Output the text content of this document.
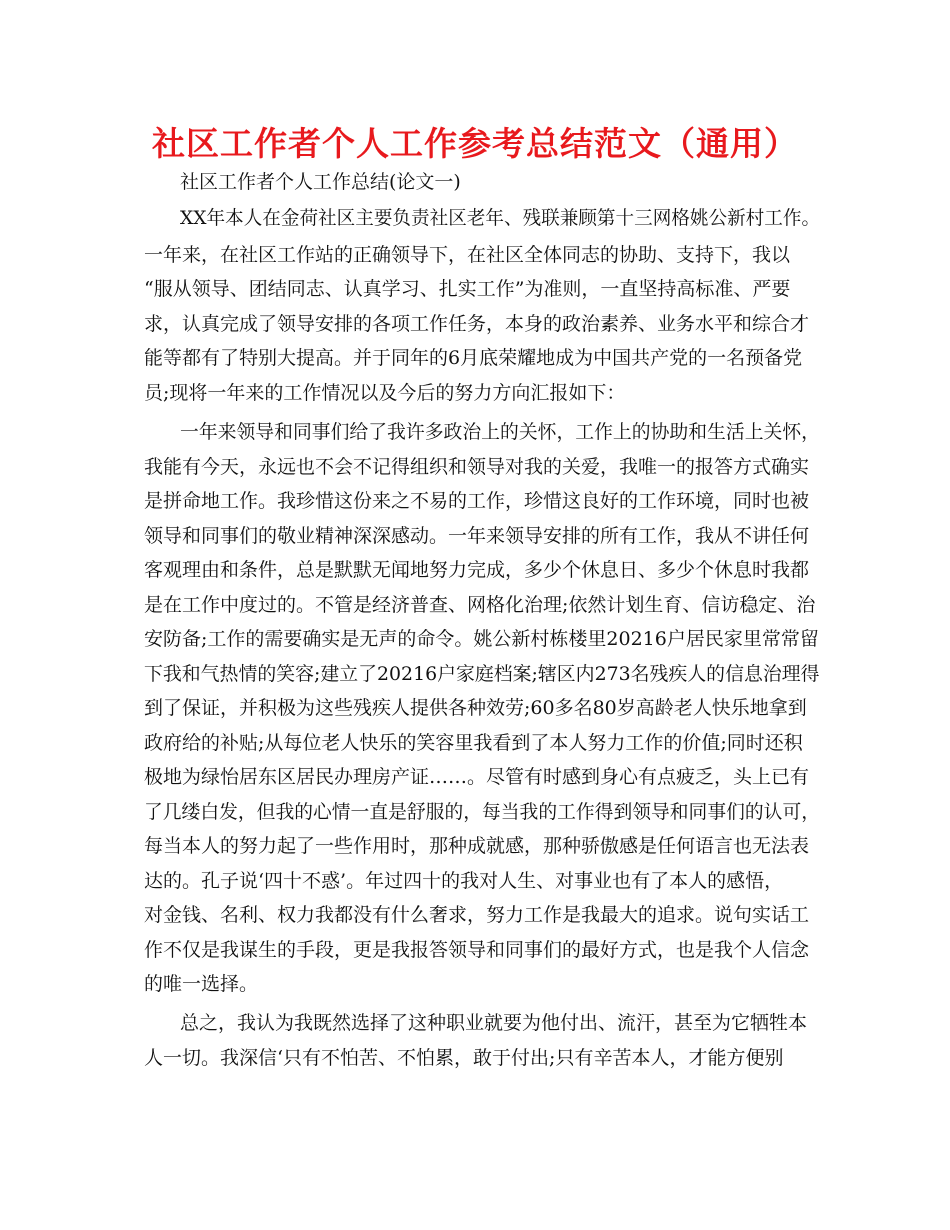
社区工作者个人工作参考总结范文（通用）
社区工作者个人工作总结(论文一)
XX年本人在金荷社区主要负责社区老年、残联兼顾第十三网格姚公新村工作。
一年来，在社区工作站的正确领导下，在社区全体同志的协助、支持下，我以
“服从领导、团结同志、认真学习、扎实工作”为准则，一直坚持高标准、严要
求，认真完成了领导安排的各项工作任务，本身的政治素养、业务水平和综合才
能等都有了特别大提高。并于同年的6月底荣耀地成为中国共产党的一名预备党
员;现将一年来的工作情况以及今后的努力方向汇报如下：
一年来领导和同事们给了我许多政治上的关怀，工作上的协助和生活上关怀，
我能有今天，永远也不会不记得组织和领导对我的关爱，我唯一的报答方式确实
是拼命地工作。我珍惜这份来之不易的工作，珍惜这良好的工作环境，同时也被
领导和同事们的敬业精神深深感动。一年来领导安排的所有工作，我从不讲任何
客观理由和条件，总是默默无闻地努力完成，多少个休息日、多少个休息时我都
是在工作中度过的。不管是经济普查、网格化治理;依然计划生育、信访稳定、治
安防备;工作的需要确实是无声的命令。姚公新村栋楼里20216户居民家里常常留
下我和气热情的笑容;建立了20216户家庭档案;辖区内273名残疾人的信息治理得
到了保证，并积极为这些残疾人提供各种效劳;60多名80岁高龄老人快乐地拿到
政府给的补贴;从每位老人快乐的笑容里我看到了本人努力工作的价值;同时还积
极地为绿怡居东区居民办理房产证……。尽管有时感到身心有点疲乏，头上已有
了几缕白发，但我的心情一直是舒服的，每当我的工作得到领导和同事们的认可，
每当本人的努力起了一些作用时，那种成就感，那种骄傲感是任何语言也无法表
达的。孔子说‘四十不惑’。年过四十的我对人生、对事业也有了本人的感悟，
对金钱、名利、权力我都没有什么奢求，努力工作是我最大的追求。说句实话工
作不仅是我谋生的手段，更是我报答领导和同事们的最好方式，也是我个人信念
的唯一选择。
总之，我认为我既然选择了这种职业就要为他付出、流汗，甚至为它牺牲本
人一切。我深信‘只有不怕苦、不怕累，敢于付出;只有辛苦本人，才能方便别
